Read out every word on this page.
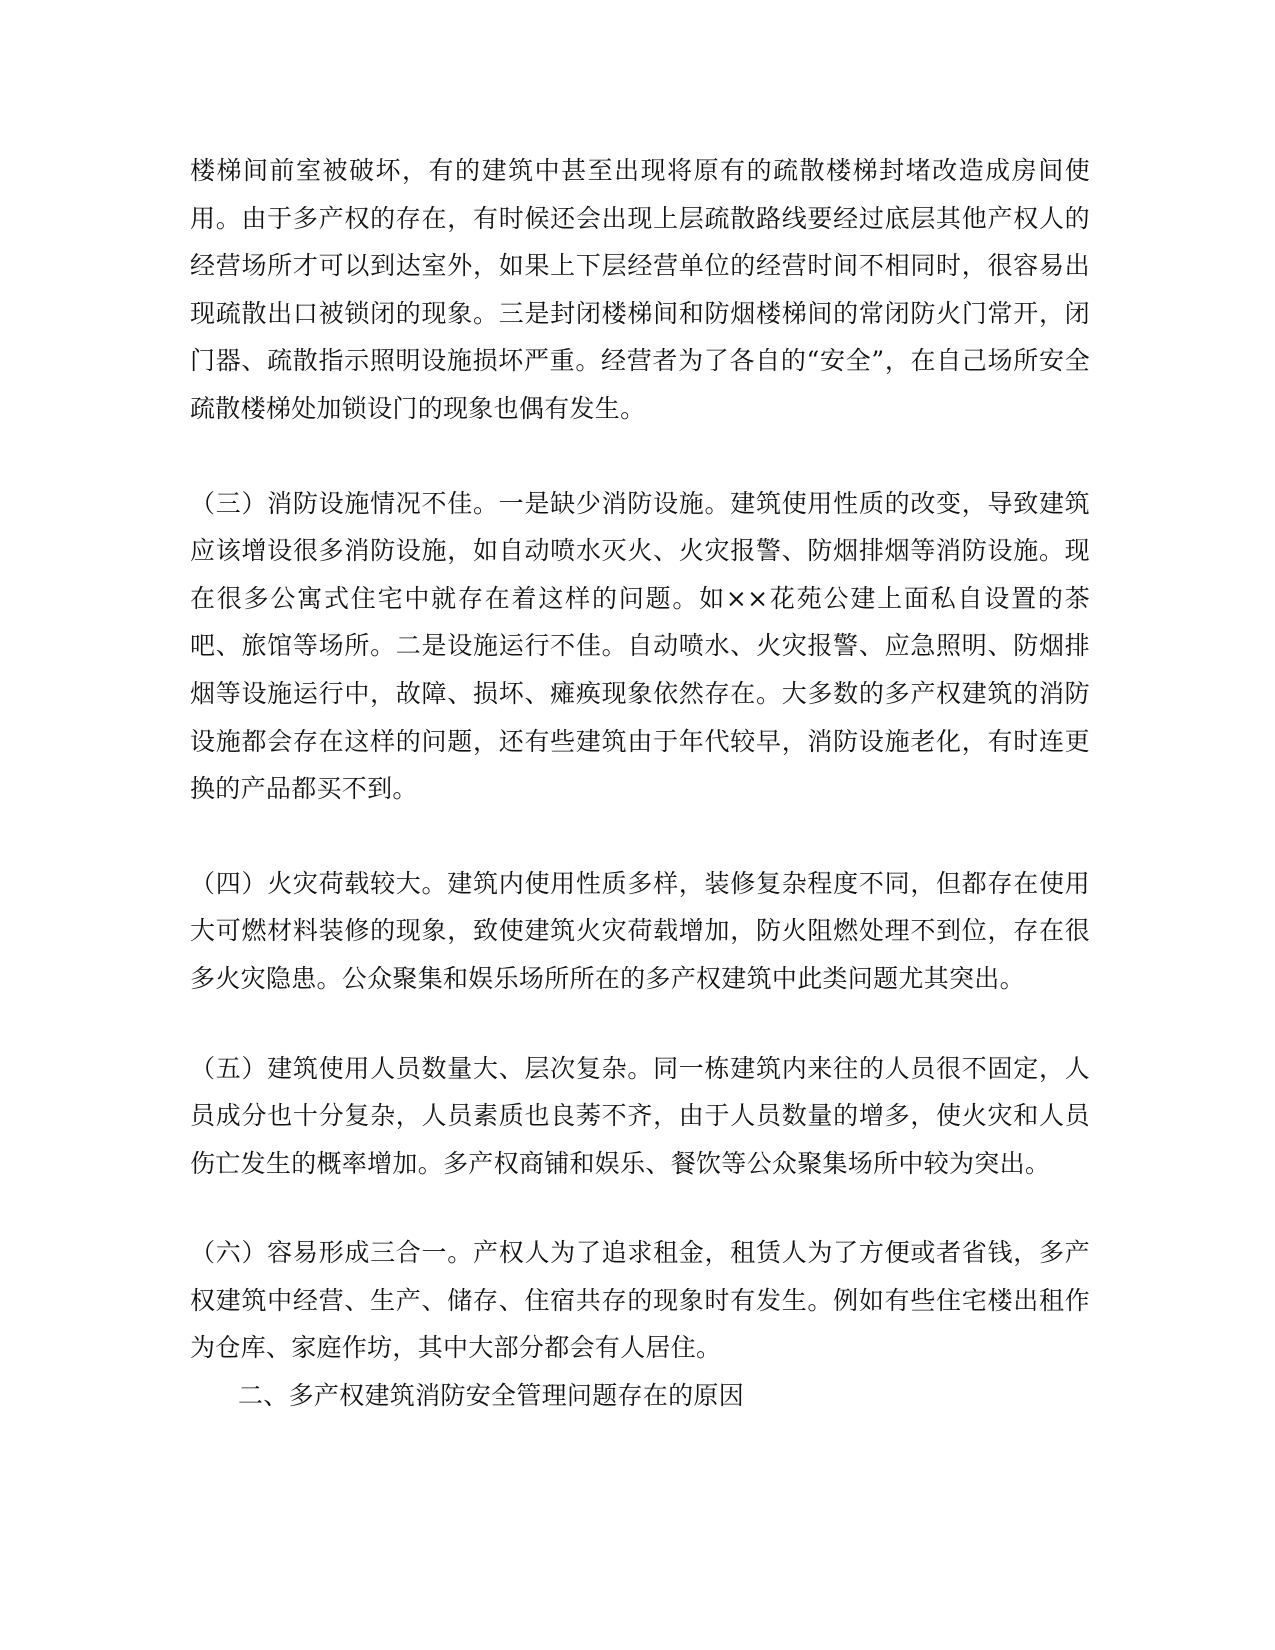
楼梯间前室被破坏，有的建筑中甚至出现将原有的疏散楼梯封堵改造成房间使用。由于多产权的存在，有时候还会出现上层疏散路线要经过底层其他产权人的经营场所才可以到达室外，如果上下层经营单位的经营时间不相同时，很容易出现疏散出口被锁闭的现象。三是封闭楼梯间和防烟楼梯间的常闭防火门常开，闭门器、疏散指示照明设施损坏严重。经营者为了各自的“安全”，在自己场所安全疏散楼梯处加锁设门的现象也偶有发生。

（三）消防设施情况不佳。一是缺少消防设施。建筑使用性质的改变，导致建筑应该增设很多消防设施，如自动喷水灭火、火灾报警、防烟排烟等消防设施。现在很多公寓式住宅中就存在着这样的问题。如××花苑公建上面私自设置的茶吧、旅馆等场所。二是设施运行不佳。自动喷水、火灾报警、应急照明、防烟排烟等设施运行中，故障、损坏、瘫痪现象依然存在。大多数的多产权建筑的消防设施都会存在这样的问题，还有些建筑由于年代较早，消防设施老化，有时连更换的产品都买不到。

（四）火灾荷载较大。建筑内使用性质多样，装修复杂程度不同，但都存在使用大可燃材料装修的现象，致使建筑火灾荷载增加，防火阻燃处理不到位，存在很多火灾隐患。公众聚集和娱乐场所所在的多产权建筑中此类问题尤其突出。

（五）建筑使用人员数量大、层次复杂。同一栋建筑内来往的人员很不固定，人员成分也十分复杂，人员素质也良莠不齐，由于人员数量的增多，使火灾和人员伤亡发生的概率增加。多产权商铺和娱乐、餐饮等公众聚集场所中较为突出。

（六）容易形成三合一。产权人为了追求租金，租赁人为了方便或者省钱，多产权建筑中经营、生产、储存、住宿共存的现象时有发生。例如有些住宅楼出租作为仓库、家庭作坊，其中大部分都会有人居住。

二、多产权建筑消防安全管理问题存在的原因
